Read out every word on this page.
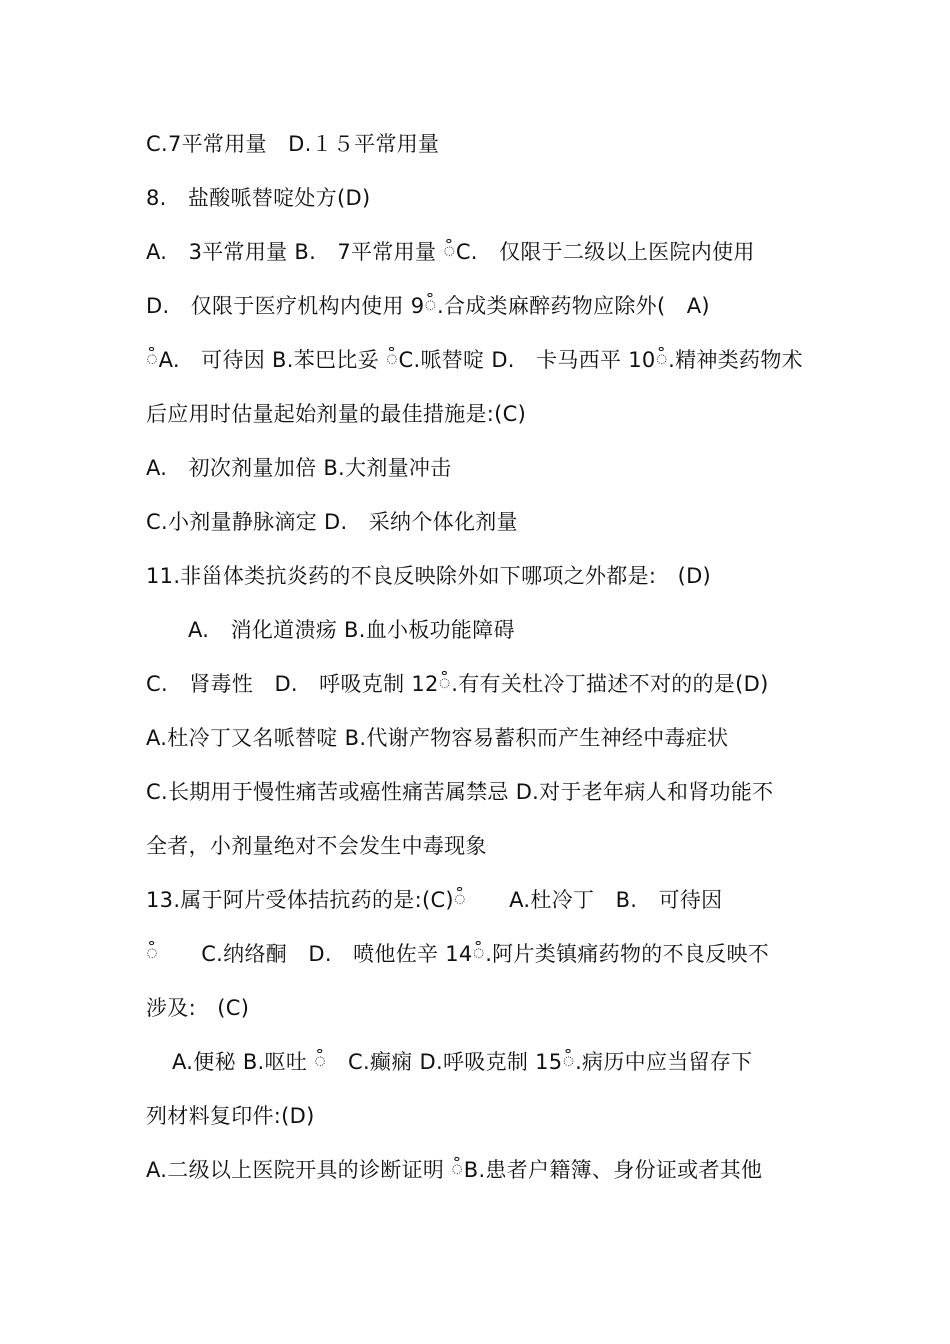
C.7平常用量　D.１５平常用量
8.　盐酸哌替啶处方(D)
A.　3平常用量 B.　7平常用量 ៓C.　仅限于二级以上医院内使用
D.　仅限于医疗机构内使用 9៓.合成类麻醉药物应除外(　A)
៓A.　可待因 B.苯巴比妥 ៓C.哌替啶 D.　卡马西平 10៓.精神类药物术
后应用时估量起始剂量的最佳措施是:(C)
A.　初次剂量加倍 B.大剂量冲击
C.小剂量静脉滴定 D.　采纳个体化剂量
11.非甾体类抗炎药的不良反映除外如下哪项之外都是:　(D)
A.　消化道溃疡 B.血小板功能障碍
C.　肾毒性　D.　呼吸克制 12៓.有有关杜冷丁描述不对的的是(D)
A.杜冷丁又名哌替啶 B.代谢产物容易蓄积而产生神经中毒症状
C.长期用于慢性痛苦或癌性痛苦属禁忌 D.对于老年病人和肾功能不
全者，小剂量绝对不会发生中毒现象
13.属于阿片受体拮抗药的是:(C)៓　　A.杜冷丁　B.　可待因
៓　　C.纳络酮　D.　喷他佐辛 14៓.阿片类镇痛药物的不良反映不
涉及:　(C)
A.便秘 B.呕吐 ៓　C.癫痫 D.呼吸克制 15៓.病历中应当留存下
列材料复印件:(D)
A.二级以上医院开具的诊断证明 ៓B.患者户籍簿、身份证或者其他
